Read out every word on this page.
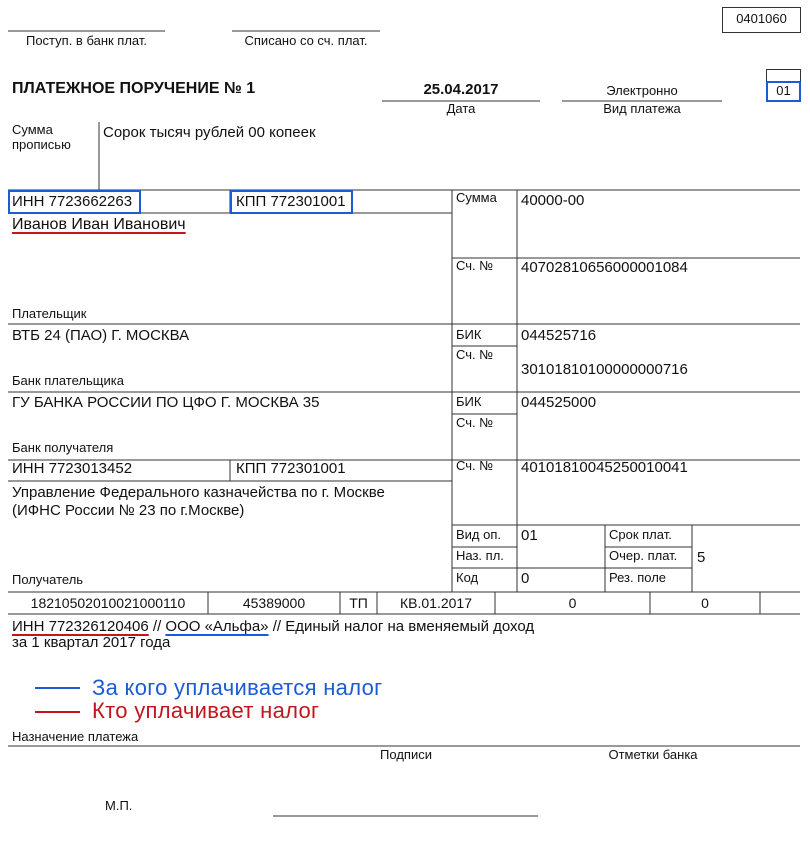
0401060
Поступ. в банк плат.	Списано со сч. плат.
ПЛАТЕЖНОЕ ПОРУЧЕНИЕ № 1	25.04.2017
Дата
Электронно
Вид платежа
01
Сумма
прописью
Сорок тысяч рублей 00 копеек
ИНН 7723662263	КПП 772301001
Иванов Иван Иванович
Плательщик
Сумма 40000-00
Сч. № 40702810656000001084
ВТБ 24 (ПАО) Г. МОСКВА
Банк плательщика
БИК	044525716
Сч. №
30101810100000000716
ГУ БАНКА РОССИИ ПО ЦФО Г. МОСКВА 35
Банк получателя
БИК	044525000
Сч. №
ИНН 7723013452	КПП 772301001
Управление Федерального казначейства по г. Москве
(ИФНС России № 23 по г.Москве)
Получатель
Сч. № 40101810045250010041
Вид оп. 01
Наз. пл.
Код	0
Срок плат.
Очер. плат. 5
Рез. поле
18210502010021000110	45389000	ТП	КВ.01.2017	0	0
ИНН 772326120406 // ООО «Альфа» // Единый налог на вменяемый доход
за 1 квартал 2017 года
За кого уплачивается налог
Кто уплачивает налог
Назначение платежа
Подписи	Отметки банка
М.П.
